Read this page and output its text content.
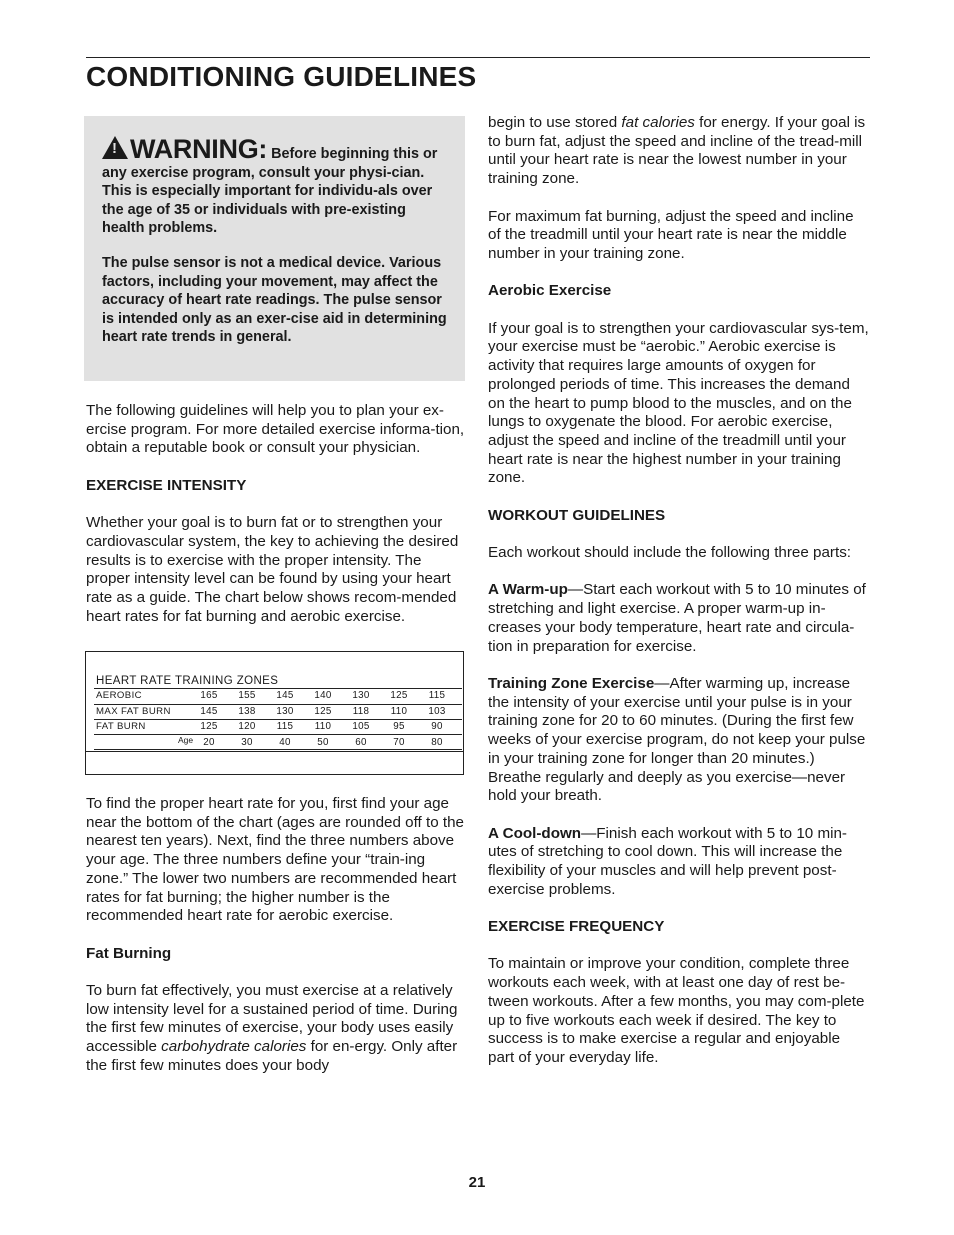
CONDITIONING GUIDELINES
!WARNING: Before beginning this or any exercise program, consult your physi-cian. This is especially important for individu-als over the age of 35 or individuals with pre-existing health problems.
The pulse sensor is not a medical device. Various factors, including your movement, may affect the accuracy of heart rate readings. The pulse sensor is intended only as an exer-cise aid in determining heart rate trends in general.

The following guidelines will help you to plan your ex-ercise program. For more detailed exercise informa-tion, obtain a reputable book or consult your physician.

EXERCISE INTENSITY

Whether your goal is to burn fat or to strengthen your cardiovascular system, the key to achieving the desired results is to exercise with the proper intensity. The proper intensity level can be found by using your heart rate as a guide. The chart below shows recom-mended heart rates for fat burning and aerobic exercise.

HEART RATE TRAINING ZONES
AEROBIC	165	155	145	140	130	125	115
MAX FAT BURN	145	138	130	125	118	110	103
FAT BURN	125	120	115	110	105	95	90
Age	20	30	40	50	60	70	80

To find the proper heart rate for you, first find your age near the bottom of the chart (ages are rounded off to the nearest ten years). Next, find the three numbers above your age. The three numbers define your “train-ing zone.” The lower two numbers are recommended heart rates for fat burning; the higher number is the recommended heart rate for aerobic exercise.

Fat Burning

To burn fat effectively, you must exercise at a relatively low intensity level for a sustained period of time. During the first few minutes of exercise, your body uses easily accessible carbohydrate calories for en-ergy. Only after the first few minutes does your body

begin to use stored fat calories for energy. If your goal is to burn fat, adjust the speed and incline of the tread-mill until your heart rate is near the lowest number in your training zone.

For maximum fat burning, adjust the speed and incline of the treadmill until your heart rate is near the middle number in your training zone.

Aerobic Exercise

If your goal is to strengthen your cardiovascular sys-tem, your exercise must be “aerobic.” Aerobic exercise is activity that requires large amounts of oxygen for prolonged periods of time. This increases the demand on the heart to pump blood to the muscles, and on the lungs to oxygenate the blood. For aerobic exercise, adjust the speed and incline of the treadmill until your heart rate is near the highest number in your training zone.

WORKOUT GUIDELINES

Each workout should include the following three parts:

A Warm-up—Start each workout with 5 to 10 minutes of stretching and light exercise. A proper warm-up in-creases your body temperature, heart rate and circula-tion in preparation for exercise.

Training Zone Exercise—After warming up, increase the intensity of your exercise until your pulse is in your training zone for 20 to 60 minutes. (During the first few weeks of your exercise program, do not keep your pulse in your training zone for longer than 20 minutes.) Breathe regularly and deeply as you exercise—never hold your breath.

A Cool-down—Finish each workout with 5 to 10 min-utes of stretching to cool down. This will increase the flexibility of your muscles and will help prevent post-exercise problems.

EXERCISE FREQUENCY

To maintain or improve your condition, complete three workouts each week, with at least one day of rest be-tween workouts. After a few months, you may com-plete up to five workouts each week if desired. The key to success is to make exercise a regular and enjoyable part of your everyday life.

21
